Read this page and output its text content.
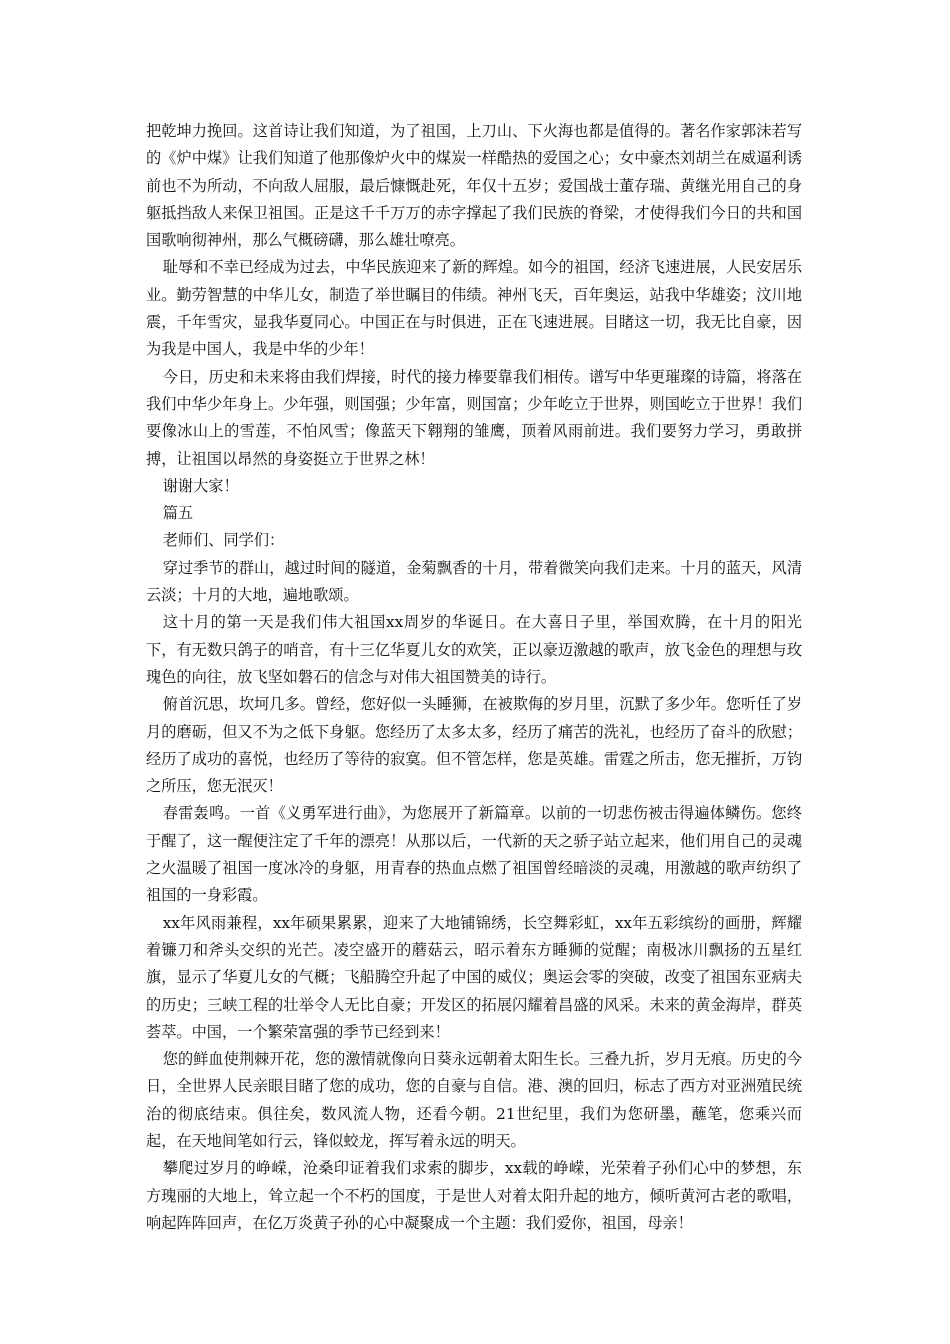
把乾坤力挽回。这首诗让我们知道，为了祖国，上刀山、下火海也都是值得的。著名作家郭沫若写的《炉中煤》让我们知道了他那像炉火中的煤炭一样酷热的爱国之心；女中豪杰刘胡兰在威逼利诱前也不为所动，不向敌人屈服，最后慷慨赴死，年仅十五岁；爱国战士董存瑞、黄继光用自己的身躯抵挡敌人来保卫祖国。正是这千千万万的赤字撑起了我们民族的脊梁，才使得我们今日的共和国国歌响彻神州，那么气概磅礴，那么雄壮嘹亮。

耻辱和不幸已经成为过去，中华民族迎来了新的辉煌。如今的祖国，经济飞速进展，人民安居乐业。勤劳智慧的中华儿女，制造了举世瞩目的伟绩。神州飞天，百年奥运，站我中华雄姿；汶川地震，千年雪灾，显我华夏同心。中国正在与时俱进，正在飞速进展。目睹这一切，我无比自豪，因为我是中国人，我是中华的少年！

今日，历史和未来将由我们焊接，时代的接力棒要靠我们相传。谱写中华更璀璨的诗篇，将落在我们中华少年身上。少年强，则国强；少年富，则国富；少年屹立于世界，则国屹立于世界！我们要像冰山上的雪莲，不怕风雪；像蓝天下翱翔的雏鹰，顶着风雨前进。我们要努力学习，勇敢拼搏，让祖国以昂然的身姿挺立于世界之林！

谢谢大家！

篇五

老师们、同学们：

穿过季节的群山，越过时间的隧道，金菊飘香的十月，带着微笑向我们走来。十月的蓝天，风清云淡；十月的大地，遍地歌颂。

这十月的第一天是我们伟大祖国xx周岁的华诞日。在大喜日子里，举国欢腾，在十月的阳光下，有无数只鸽子的哨音，有十三亿华夏儿女的欢笑，正以豪迈激越的歌声，放飞金色的理想与玫瑰色的向往，放飞坚如磐石的信念与对伟大祖国赞美的诗行。

俯首沉思，坎坷几多。曾经，您好似一头睡狮，在被欺侮的岁月里，沉默了多少年。您听任了岁月的磨砺，但又不为之低下身躯。您经历了太多太多，经历了痛苦的洗礼，也经历了奋斗的欣慰；经历了成功的喜悦，也经历了等待的寂寞。但不管怎样，您是英雄。雷霆之所击，您无摧折，万钧之所压，您无泯灭！

春雷轰鸣。一首《义勇军进行曲》，为您展开了新篇章。以前的一切悲伤被击得遍体鳞伤。您终于醒了，这一醒便注定了千年的漂亮！从那以后，一代新的天之骄子站立起来，他们用自己的灵魂之火温暖了祖国一度冰冷的身躯，用青春的热血点燃了祖国曾经暗淡的灵魂，用激越的歌声纺织了祖国的一身彩霞。

xx年风雨兼程，xx年硕果累累，迎来了大地铺锦绣，长空舞彩虹，xx年五彩缤纷的画册，辉耀着镰刀和斧头交织的光芒。凌空盛开的蘑菇云，昭示着东方睡狮的觉醒；南极冰川飘扬的五星红旗，显示了华夏儿女的气概；飞船腾空升起了中国的威仪；奥运会零的突破，改变了祖国东亚病夫的历史；三峡工程的壮举令人无比自豪；开发区的拓展闪耀着昌盛的风采。未来的黄金海岸，群英荟萃。中国，一个繁荣富强的季节已经到来！

您的鲜血使荆棘开花，您的激情就像向日葵永远朝着太阳生长。三叠九折，岁月无痕。历史的今日，全世界人民亲眼目睹了您的成功，您的自豪与自信。港、澳的回归，标志了西方对亚洲殖民统治的彻底结束。俱往矣，数风流人物，还看今朝。21世纪里，我们为您研墨，蘸笔，您乘兴而起，在天地间笔如行云，锋似蛟龙，挥写着永远的明天。

攀爬过岁月的峥嵘，沧桑印证着我们求索的脚步，xx载的峥嵘，光荣着子孙们心中的梦想，东方瑰丽的大地上，耸立起一个不朽的国度，于是世人对着太阳升起的地方，倾听黄河古老的歌唱，响起阵阵回声，在亿万炎黄子孙的心中凝聚成一个主题：我们爱你，祖国，母亲！
